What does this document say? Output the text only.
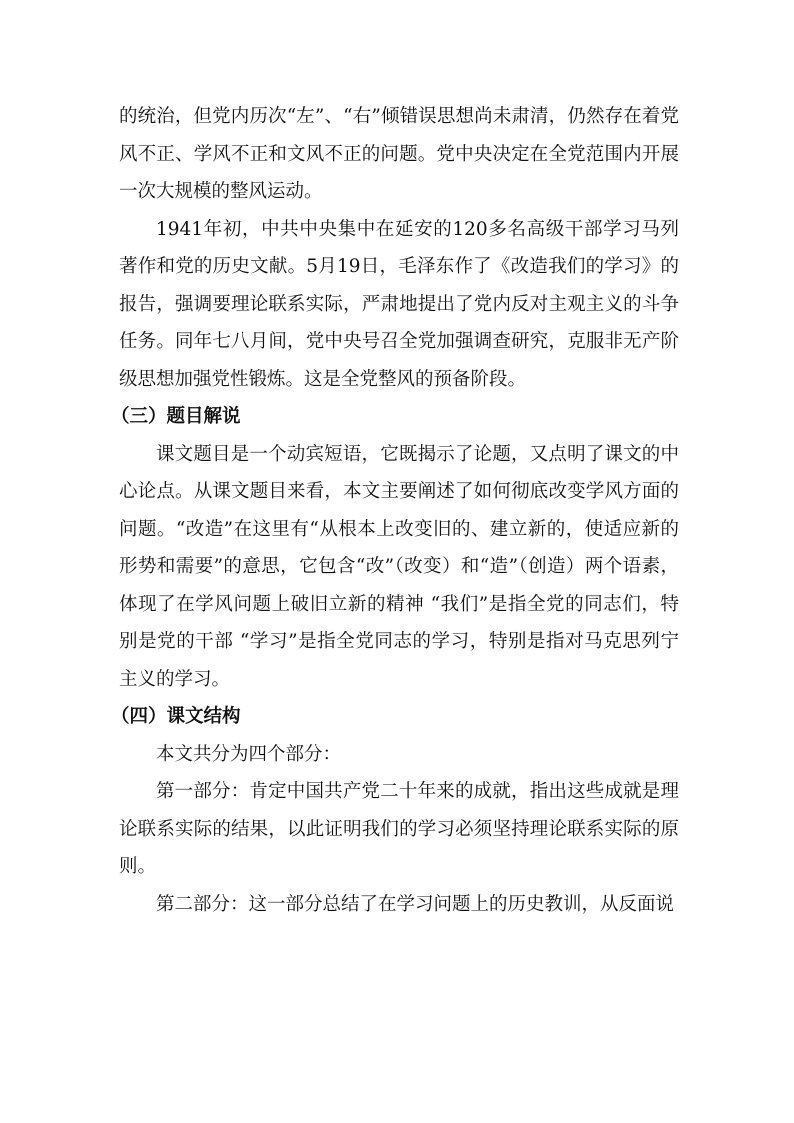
的统治，但党内历次“左”、“右”倾错误思想尚未肃清，仍然存在着党风不正、学风不正和文风不正的问题。党中央决定在全党范围内开展一次大规模的整风运动。

1941年初，中共中央集中在延安的120多名高级干部学习马列著作和党的历史文献。5月19日，毛泽东作了《改造我们的学习》的报告，强调要理论联系实际，严肃地提出了党内反对主观主义的斗争任务。同年七八月间，党中央号召全党加强调查研究，克服非无产阶级思想加强党性锻炼。这是全党整风的预备阶段。

（三）题目解说

课文题目是一个动宾短语，它既揭示了论题，又点明了课文的中心论点。从课文题目来看，本文主要阐述了如何彻底改变学风方面的问题。“改造”在这里有“从根本上改变旧的、建立新的，使适应新的形势和需要”的意思，它包含“改”（改变）和“造”（创造）两个语素，体现了在学风问题上破旧立新的精神 “我们”是指全党的同志们，特别是党的干部 “学习”是指全党同志的学习，特别是指对马克思列宁主义的学习。

（四）课文结构

本文共分为四个部分：

第一部分：肯定中国共产党二十年来的成就，指出这些成就是理论联系实际的结果，以此证明我们的学习必须坚持理论联系实际的原则。

第二部分：这一部分总结了在学习问题上的历史教训，从反面说
